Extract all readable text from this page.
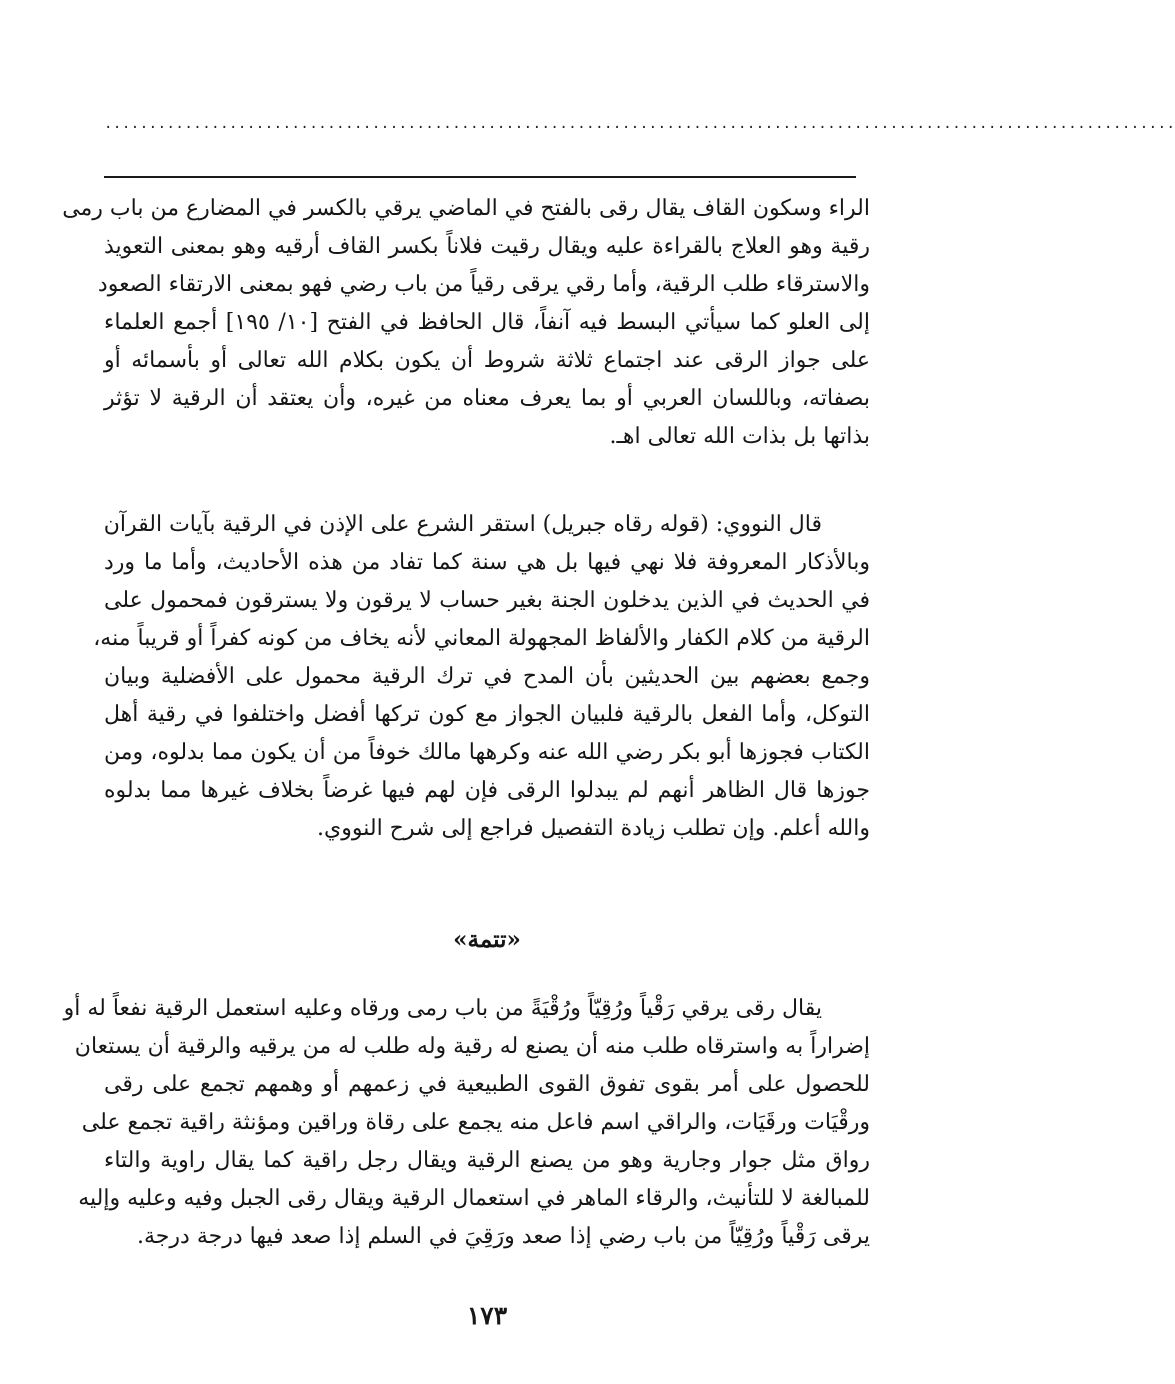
........................................................................................................................
الراء وسكون القاف يقال رقى بالفتح في الماضي يرقي بالكسر في المضارع من باب رمى
رقية وهو العلاج بالقراءة عليه ويقال رقيت فلاناً بكسر القاف أرقيه وهو بمعنى التعويذ
والاسترقاء طلب الرقية، وأما رقي يرقى رقياً من باب رضي فهو بمعنى الارتقاء الصعود
إلى العلو كما سيأتي البسط فيه آنفاً، قال الحافظ في الفتح [١٠/ ١٩٥] أجمع العلماء
على جواز الرقى عند اجتماع ثلاثة شروط أن يكون بكلام الله تعالى أو بأسمائه أو
بصفاته، وباللسان العربي أو بما يعرف معناه من غيره، وأن يعتقد أن الرقية لا تؤثر
بذاتها بل بذات الله تعالى اهـ.
قال النووي: (قوله رقاه جبريل) استقر الشرع على الإذن في الرقية بآيات القرآن
وبالأذكار المعروفة فلا نهي فيها بل هي سنة كما تفاد من هذه الأحاديث، وأما ما ورد
في الحديث في الذين يدخلون الجنة بغير حساب لا يرقون ولا يسترقون فمحمول على
الرقية من كلام الكفار والألفاظ المجهولة المعاني لأنه يخاف من كونه كفراً أو قريباً منه،
وجمع بعضهم بين الحديثين بأن المدح في ترك الرقية محمول على الأفضلية وبيان
التوكل، وأما الفعل بالرقية فلبيان الجواز مع كون تركها أفضل واختلفوا في رقية أهل
الكتاب فجوزها أبو بكر رضي الله عنه وكرهها مالك خوفاً من أن يكون مما بدلوه، ومن
جوزها قال الظاهر أنهم لم يبدلوا الرقى فإن لهم فيها غرضاً بخلاف غيرها مما بدلوه
والله أعلم. وإن تطلب زيادة التفصيل فراجع إلى شرح النووي.
«تتمة»
يقال رقى يرقي رَقْياً ورُقِيّاً ورُقْيَةً من باب رمى ورقاه وعليه استعمل الرقية نفعاً له أو
إضراراً به واسترقاه طلب منه أن يصنع له رقية وله طلب له من يرقيه والرقية أن يستعان
للحصول على أمر بقوى تفوق القوى الطبيعية في زعمهم أو وهمهم تجمع على رقى
ورقْيَات ورقَيَات، والراقي اسم فاعل منه يجمع على رقاة وراقين ومؤنثة راقية تجمع على
رواق مثل جوار وجارية وهو من يصنع الرقية ويقال رجل راقية كما يقال راوية والتاء
للمبالغة لا للتأنيث، والرقاء الماهر في استعمال الرقية ويقال رقى الجبل وفيه وعليه وإليه
يرقى رَقْياً ورُقِيّاً من باب رضي إذا صعد ورَقِيَ في السلم إذا صعد فيها درجة درجة.
١٧٣
